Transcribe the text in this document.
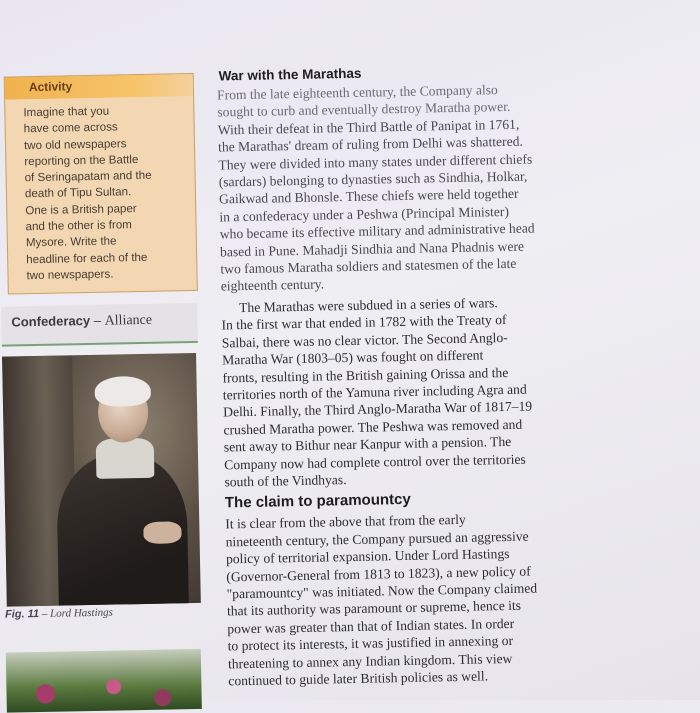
Activity
Imagine that you
have come across
two old newspapers
reporting on the Battle
of Seringapatam and the
death of Tipu Sultan.
One is a British paper
and the other is from
Mysore. Write the
headline for each of the
two newspapers.
Confederacy – Alliance
Fig. 11 – Lord Hastings
War with the Marathas
From the late eighteenth century, the Company also
sought to curb and eventually destroy Maratha power.
With their defeat in the Third Battle of Panipat in 1761,
the Marathas' dream of ruling from Delhi was shattered.
They were divided into many states under different chiefs
(sardars) belonging to dynasties such as Sindhia, Holkar,
Gaikwad and Bhonsle. These chiefs were held together
in a confederacy under a Peshwa (Principal Minister)
who became its effective military and administrative head
based in Pune. Mahadji Sindhia and Nana Phadnis were
two famous Maratha soldiers and statesmen of the late
eighteenth century.
The Marathas were subdued in a series of wars.
In the first war that ended in 1782 with the Treaty of
Salbai, there was no clear victor. The Second Anglo-
Maratha War (1803–05) was fought on different
fronts, resulting in the British gaining Orissa and the
territories north of the Yamuna river including Agra and
Delhi. Finally, the Third Anglo-Maratha War of 1817–19
crushed Maratha power. The Peshwa was removed and
sent away to Bithur near Kanpur with a pension. The
Company now had complete control over the territories
south of the Vindhyas.
The claim to paramountcy
It is clear from the above that from the early
nineteenth century, the Company pursued an aggressive
policy of territorial expansion. Under Lord Hastings
(Governor-General from 1813 to 1823), a new policy of
"paramountcy" was initiated. Now the Company claimed
that its authority was paramount or supreme, hence its
power was greater than that of Indian states. In order
to protect its interests, it was justified in annexing or
threatening to annex any Indian kingdom. This view
continued to guide later British policies as well.
